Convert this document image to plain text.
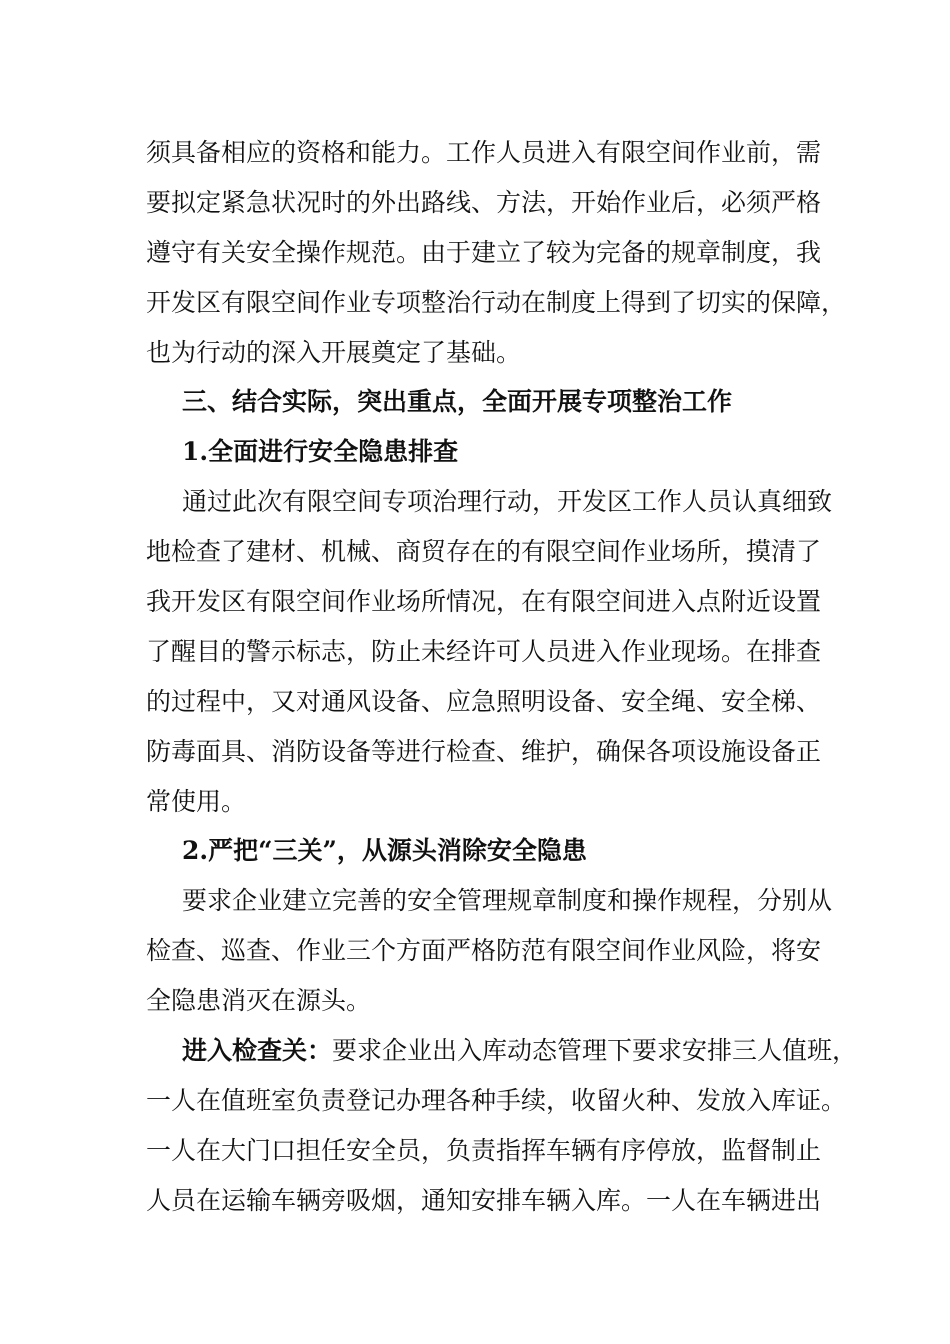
须具备相应的资格和能力。工作人员进入有限空间作业前，需
要拟定紧急状况时的外出路线、方法，开始作业后，必须严格
遵守有关安全操作规范。由于建立了较为完备的规章制度，我
开发区有限空间作业专项整治行动在制度上得到了切实的保障，
也为行动的深入开展奠定了基础。
三、结合实际，突出重点，全面开展专项整治工作
1.全面进行安全隐患排查
通过此次有限空间专项治理行动，开发区工作人员认真细致
地检查了建材、机械、商贸存在的有限空间作业场所，摸清了
我开发区有限空间作业场所情况，在有限空间进入点附近设置
了醒目的警示标志，防止未经许可人员进入作业现场。在排查
的过程中，又对通风设备、应急照明设备、安全绳、安全梯、
防毒面具、消防设备等进行检查、维护，确保各项设施设备正
常使用。
2.严把“三关”，从源头消除安全隐患
要求企业建立完善的安全管理规章制度和操作规程，分别从
检查、巡查、作业三个方面严格防范有限空间作业风险，将安
全隐患消灭在源头。
进入检查关：要求企业出入库动态管理下要求安排三人值班，
一人在值班室负责登记办理各种手续，收留火种、发放入库证。
一人在大门口担任安全员，负责指挥车辆有序停放，监督制止
人员在运输车辆旁吸烟，通知安排车辆入库。一人在车辆进出
